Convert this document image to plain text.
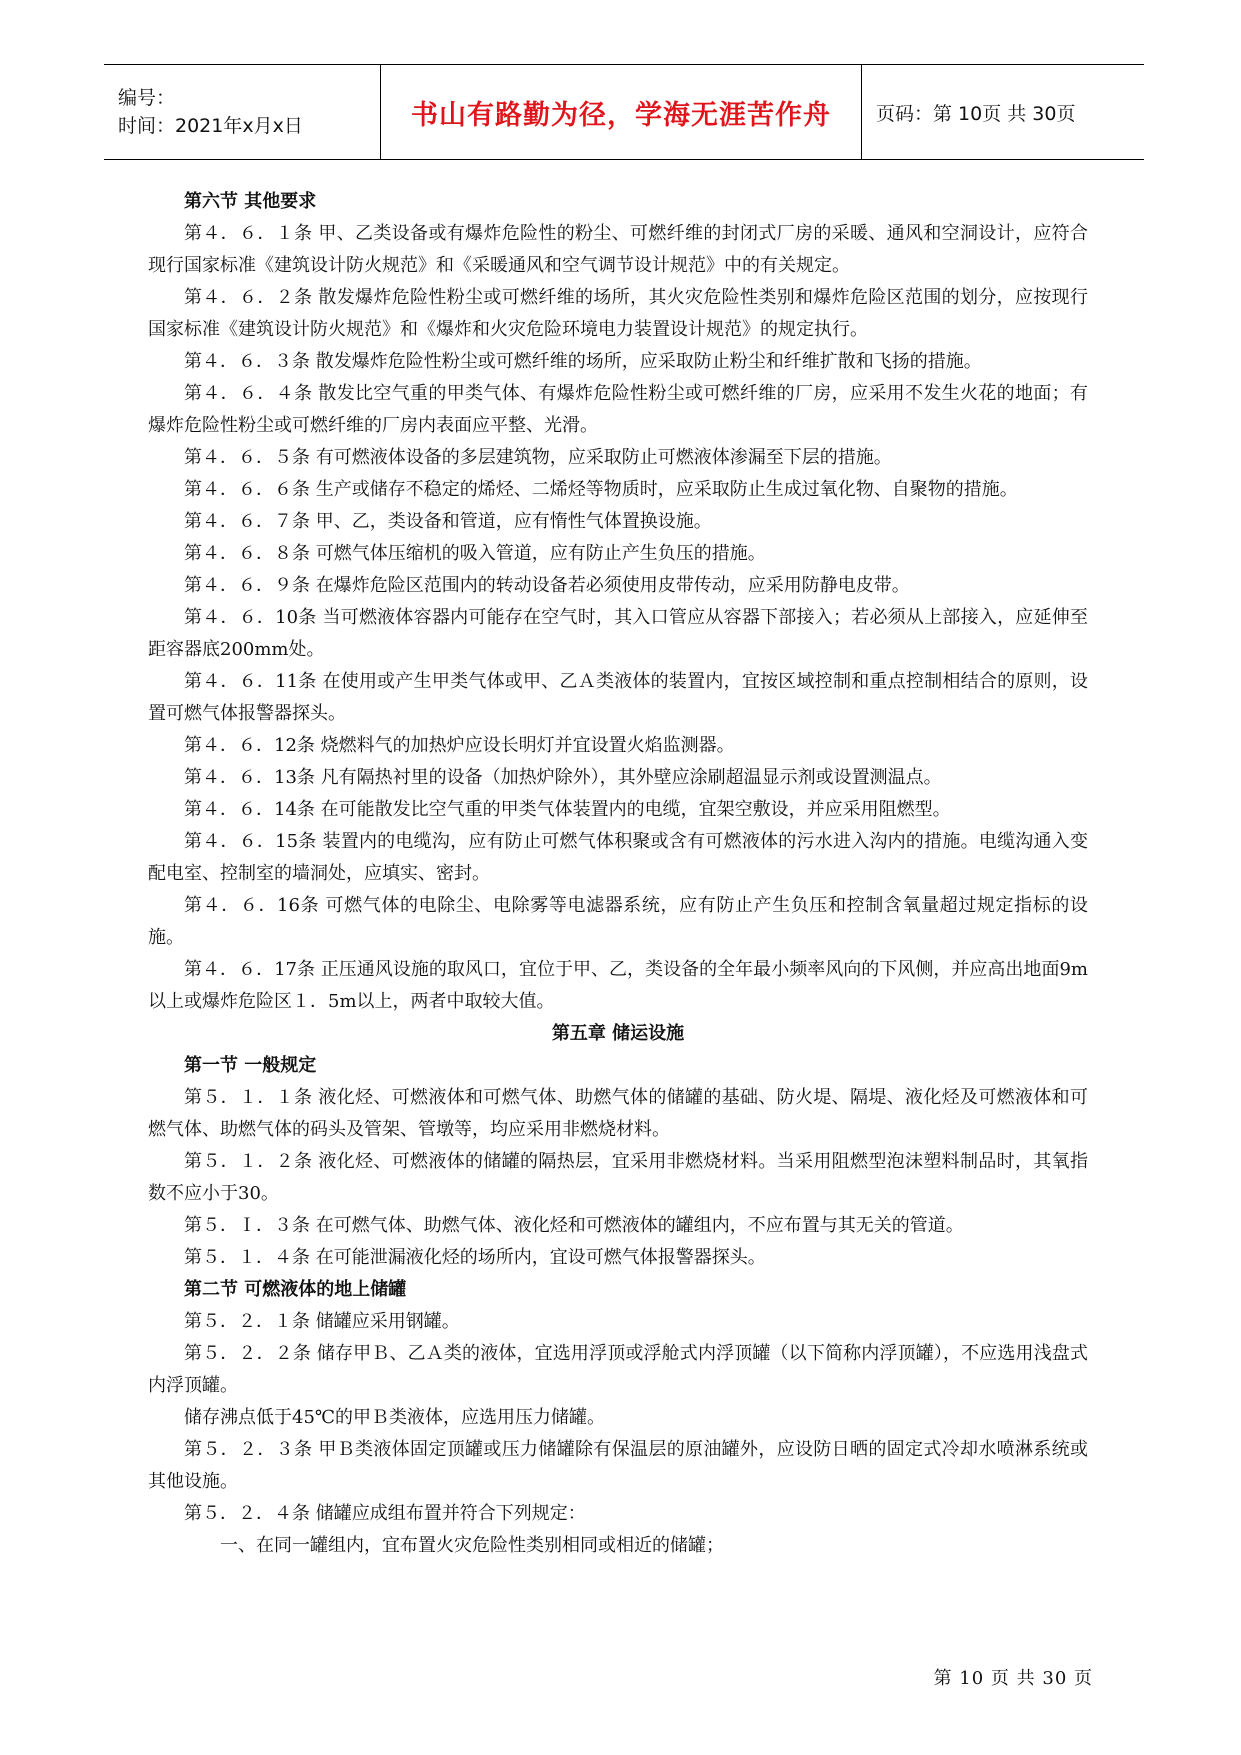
编号：
时间：2021年x月x日	书山有路勤为径，学海无涯苦作舟 页码：第 10页 共 30页
第六节 其他要求

第４．６．１条 甲、乙类设备或有爆炸危险性的粉尘、可燃纤维的封闭式厂房的采暖、通风和空洞设计，应符合现行国家标准《建筑设计防火规范》和《采暖通风和空气调节设计规范》中的有关规定。

第４．６．２条 散发爆炸危险性粉尘或可燃纤维的场所，其火灾危险性类别和爆炸危险区范围的划分，应按现行国家标准《建筑设计防火规范》和《爆炸和火灾危险环境电力装置设计规范》的规定执行。

第４．６．３条 散发爆炸危险性粉尘或可燃纤维的场所，应采取防止粉尘和纤维扩散和飞扬的措施。

第４．６．４条 散发比空气重的甲类气体、有爆炸危险性粉尘或可燃纤维的厂房，应采用不发生火花的地面；有爆炸危险性粉尘或可燃纤维的厂房内表面应平整、光滑。

第４．６．５条 有可燃液体设备的多层建筑物，应采取防止可燃液体渗漏至下层的措施。

第４．６．６条 生产或储存不稳定的烯烃、二烯烃等物质时，应采取防止生成过氧化物、自聚物的措施。

第４．６．７条 甲、乙，类设备和管道，应有惰性气体置换设施。

第４．６．８条 可燃气体压缩机的吸入管道，应有防止产生负压的措施。

第４．６．９条 在爆炸危险区范围内的转动设备若必须使用皮带传动，应采用防静电皮带。

第４．６．10条 当可燃液体容器内可能存在空气时，其入口管应从容器下部接入；若必须从上部接入，应延伸至距容器底200mm处。

第４．６．11条 在使用或产生甲类气体或甲、乙Ａ类液体的装置内，宜按区域控制和重点控制相结合的原则，设置可燃气体报警器探头。

第４．６．12条 烧燃料气的加热炉应设长明灯并宜设置火焰监测器。

第４．６．13条 凡有隔热衬里的设备（加热炉除外），其外壁应涂刷超温显示剂或设置测温点。

第４．６．14条 在可能散发比空气重的甲类气体装置内的电缆，宜架空敷设，并应采用阻燃型。

第４．６．15条 装置内的电缆沟，应有防止可燃气体积聚或含有可燃液体的污水进入沟内的措施。电缆沟通入变配电室、控制室的墙洞处，应填实、密封。

第４．６．16条 可燃气体的电除尘、电除雾等电滤器系统，应有防止产生负压和控制含氧量超过规定指标的设施。

第４．６．17条 正压通风设施的取风口，宜位于甲、乙，类设备的全年最小频率风向的下风侧，并应高出地面9m以上或爆炸危险区１．5m以上，两者中取较大值。

第五章 储运设施
第一节 一般规定

第５．１．１条 液化烃、可燃液体和可燃气体、助燃气体的储罐的基础、防火堤、隔堤、液化烃及可燃液体和可燃气体、助燃气体的码头及管架、管墩等，均应采用非燃烧材料。

第５．１．２条 液化烃、可燃液体的储罐的隔热层，宜采用非燃烧材料。当采用阻燃型泡沫塑料制品时，其氧指数不应小于30。

第５．Ｉ．３条 在可燃气体、助燃气体、液化烃和可燃液体的罐组内，不应布置与其无关的管道。

第５．１．４条 在可能泄漏液化烃的场所内，宜设可燃气体报警器探头。

第二节 可燃液体的地上储罐

第５．２．１条 储罐应采用钢罐。

第５．２．２条 储存甲Ｂ、乙Ａ类的液体，宜选用浮顶或浮舱式内浮顶罐（以下简称内浮顶罐），不应选用浅盘式内浮顶罐。

储存沸点低于45℃的甲Ｂ类液体，应选用压力储罐。

第５．２．３条 甲Ｂ类液体固定顶罐或压力储罐除有保温层的原油罐外，应设防日晒的固定式冷却水喷淋系统或其他设施。

第５．２．４条 储罐应成组布置并符合下列规定：

一、在同一罐组内，宜布置火灾危险性类别相同或相近的储罐；

第 10 页 共 30 页
